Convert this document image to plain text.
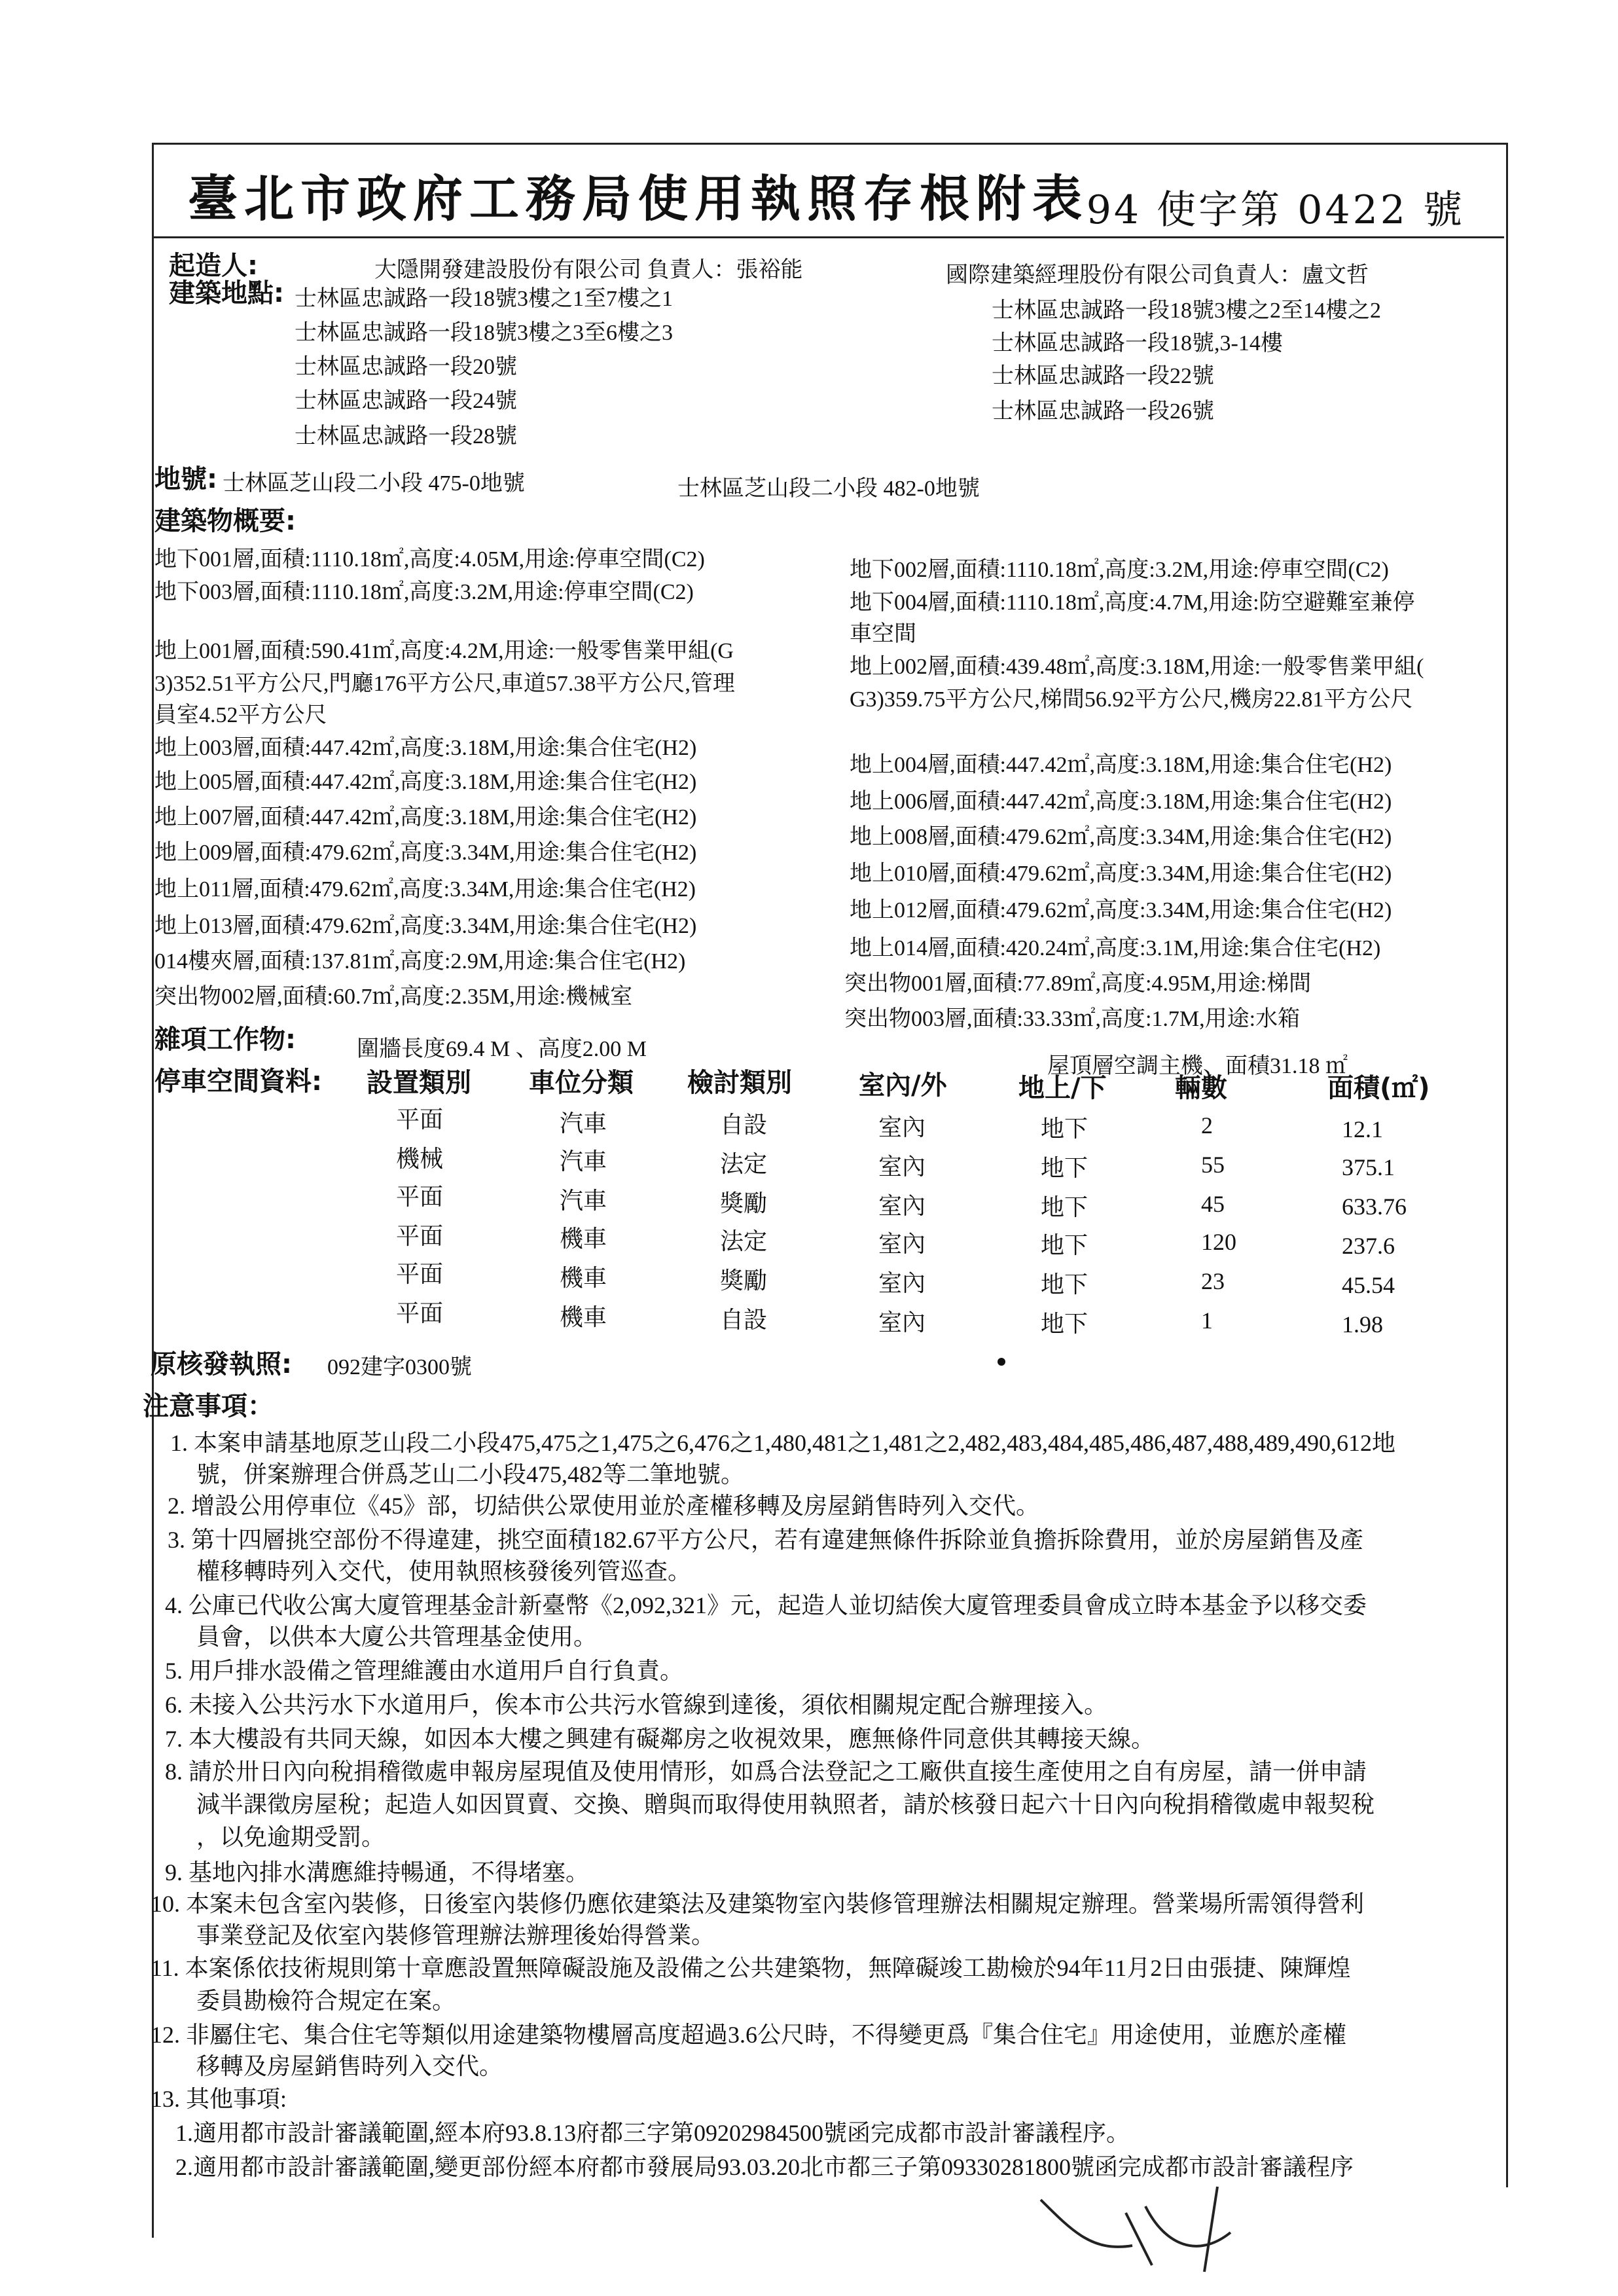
臺北市政府工務局使用執照存根附表
94 使字第 0422 號
起造人:	大隱開發建設股份有限公司 負責人：張裕能	國際建築經理股份有限公司負責人：盧文哲
建築地點: 士林區忠誠路一段18號3樓之1至7樓之1
士林區忠誠路一段18號3樓之3至6樓之3
士林區忠誠路一段20號
士林區忠誠路一段24號
士林區忠誠路一段28號
士林區忠誠路一段18號3樓之2至14樓之2
士林區忠誠路一段18號,3-14樓
士林區忠誠路一段22號
士林區忠誠路一段26號
地號: 士林區芝山段二小段 475-0地號	士林區芝山段二小段 482-0地號
建築物概要:
地下001層,面積:1110.18㎡,高度:4.05M,用途:停車空間(C2)	地下002層,面積:1110.18㎡,高度:3.2M,用途:停車空間(C2)
地下003層,面積:1110.18㎡,高度:3.2M,用途:停車空間(C2)	地下004層,面積:1110.18㎡,高度:4.7M,用途:防空避難室兼停
車空間
地上001層,面積:590.41㎡,高度:4.2M,用途:一般零售業甲組(G
3)352.51平方公尺,門廳176平方公尺,車道57.38平方公尺,管理
員室4.52平方公尺
地上002層,面積:439.48㎡,高度:3.18M,用途:一般零售業甲組(
G3)359.75平方公尺,梯間56.92平方公尺,機房22.81平方公尺
地上003層,面積:447.42㎡,高度:3.18M,用途:集合住宅(H2)
地上004層,面積:447.42㎡,高度:3.18M,用途:集合住宅(H2)
地上005層,面積:447.42㎡,高度:3.18M,用途:集合住宅(H2)
地上006層,面積:447.42㎡,高度:3.18M,用途:集合住宅(H2)
地上007層,面積:447.42㎡,高度:3.18M,用途:集合住宅(H2)
地上008層,面積:479.62㎡,高度:3.34M,用途:集合住宅(H2)
地上009層,面積:479.62㎡,高度:3.34M,用途:集合住宅(H2)
地上010層,面積:479.62㎡,高度:3.34M,用途:集合住宅(H2)
地上011層,面積:479.62㎡,高度:3.34M,用途:集合住宅(H2)
地上012層,面積:479.62㎡,高度:3.34M,用途:集合住宅(H2)
地上013層,面積:479.62㎡,高度:3.34M,用途:集合住宅(H2)
地上014層,面積:420.24㎡,高度:3.1M,用途:集合住宅(H2)
014樓夾層,面積:137.81㎡,高度:2.9M,用途:集合住宅(H2)
突出物001層,面積:77.89㎡,高度:4.95M,用途:梯間
突出物002層,面積:60.7㎡,高度:2.35M,用途:機械室
突出物003層,面積:33.33㎡,高度:1.7M,用途:水箱
雜項工作物:	圍牆長度69.4 M 、高度2.00 M
屋頂層空調主機、面積31.18 ㎡
停車空間資料: 設置類別 車位分類 檢討類別	室內/外	地上/下	輛數	面積(㎡)
平面	汽車	自設	室內	地下	2	12.1
機械	汽車	法定	室內	地下	55	375.1
平面	汽車	獎勵	室內	地下	45	633.76
平面	機車	法定	室內	地下	120	237.6
平面	機車	獎勵	室內	地下	23	45.54
平面	機車	自設	室內	地下	1	1.98
原核發執照: 092建字0300號
注意事項：
1. 本案申請基地原芝山段二小段475,475之1,475之6,476之1,480,481之1,481之2,482,483,484,485,486,487,488,489,490,612地
號，併案辦理合併爲芝山二小段475,482等二筆地號。
2. 增設公用停車位《45》部，切結供公眾使用並於產權移轉及房屋銷售時列入交代。
3. 第十四層挑空部份不得違建，挑空面積182.67平方公尺，若有違建無條件拆除並負擔拆除費用，並於房屋銷售及產
權移轉時列入交代，使用執照核發後列管巡查。
4. 公庫已代收公寓大廈管理基金計新臺幣《2,092,321》元，起造人並切結俟大廈管理委員會成立時本基金予以移交委
員會，以供本大廈公共管理基金使用。
5. 用戶排水設備之管理維護由水道用戶自行負責。
6. 未接入公共污水下水道用戶，俟本市公共污水管線到達後，須依相關規定配合辦理接入。
7. 本大樓設有共同天線，如因本大樓之興建有礙鄰房之收視效果，應無條件同意供其轉接天線。
8. 請於卅日內向稅捐稽徵處申報房屋現值及使用情形，如爲合法登記之工廠供直接生產使用之自有房屋，請一併申請
減半課徵房屋稅；起造人如因買賣、交換、贈與而取得使用執照者，請於核發日起六十日內向稅捐稽徵處申報契稅
，以免逾期受罰。
9. 基地內排水溝應維持暢通，不得堵塞。
10. 本案未包含室內裝修，日後室內裝修仍應依建築法及建築物室內裝修管理辦法相關規定辦理。營業場所需領得營利
事業登記及依室內裝修管理辦法辦理後始得營業。
11. 本案係依技術規則第十章應設置無障礙設施及設備之公共建築物，無障礙竣工勘檢於94年11月2日由張捷、陳輝煌
委員勘檢符合規定在案。
12. 非屬住宅、集合住宅等類似用途建築物樓層高度超過3.6公尺時，不得變更爲『集合住宅』用途使用，並應於產權
移轉及房屋銷售時列入交代。
13. 其他事項:
1.適用都市設計審議範圍,經本府93.8.13府都三字第09202984500號函完成都市設計審議程序。
2.適用都市設計審議範圍,變更部份經本府都市發展局93.03.20北市都三子第09330281800號函完成都市設計審議程序
